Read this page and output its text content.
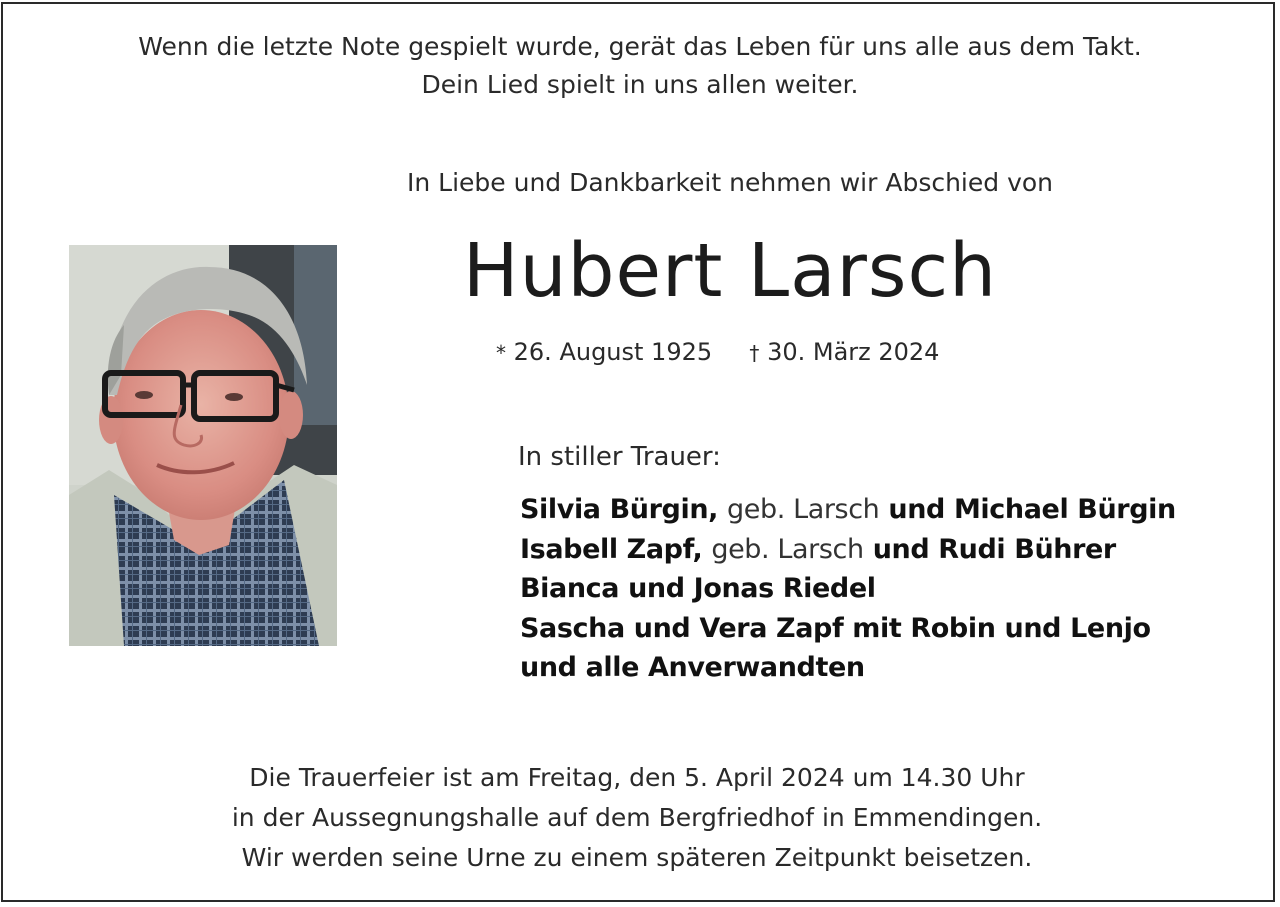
Wenn die letzte Note gespielt wurde, gerät das Leben für uns alle aus dem Takt.
Dein Lied spielt in uns allen weiter.
In Liebe und Dankbarkeit nehmen wir Abschied von
Hubert Larsch
* 26. August 1925 † 30. März 2024
In stiller Trauer:
Silvia Bürgin, geb. Larsch und Michael Bürgin
Isabell Zapf, geb. Larsch und Rudi Bührer
Bianca und Jonas Riedel
Sascha und Vera Zapf mit Robin und Lenjo
und alle Anverwandten
Die Trauerfeier ist am Freitag, den 5. April 2024 um 14.30 Uhr
in der Aussegnungshalle auf dem Bergfriedhof in Emmendingen.
Wir werden seine Urne zu einem späteren Zeitpunkt beisetzen.
